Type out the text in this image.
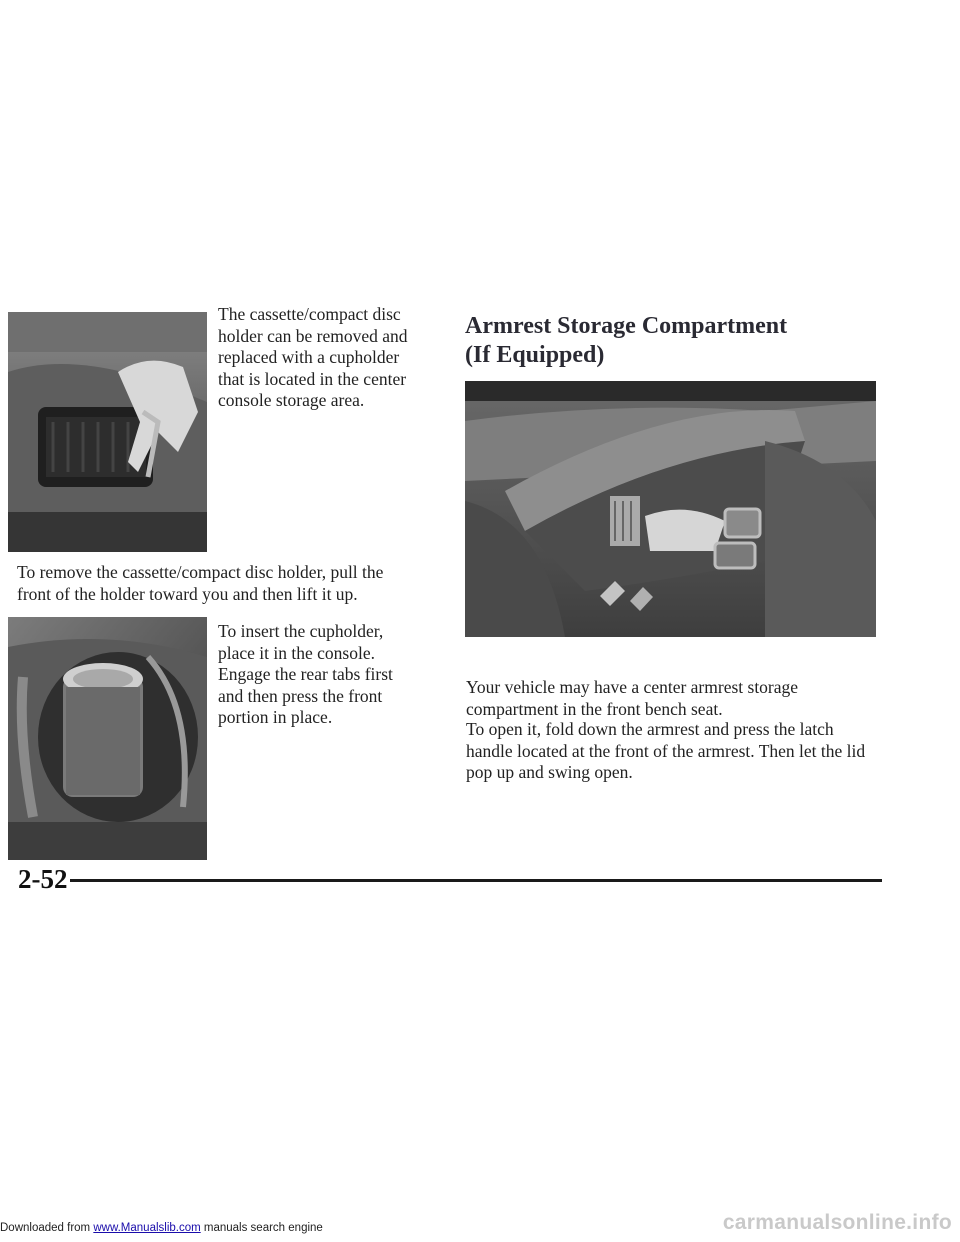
The cassette/compact disc holder can be removed and replaced with a cupholder that is located in the center console storage area.

To remove the cassette/compact disc holder, pull the front of the holder toward you and then lift it up.

To insert the cupholder, place it in the console. Engage the rear tabs first and then press the front portion in place.

Armrest Storage Compartment
(If Equipped)

Your vehicle may have a center armrest storage compartment in the front bench seat.

To open it, fold down the armrest and press the latch handle located at the front of the armrest. Then let the lid pop up and swing open.

2-52
Downloaded from www.Manualslib.com manuals search engine	carmanualsonline.info
